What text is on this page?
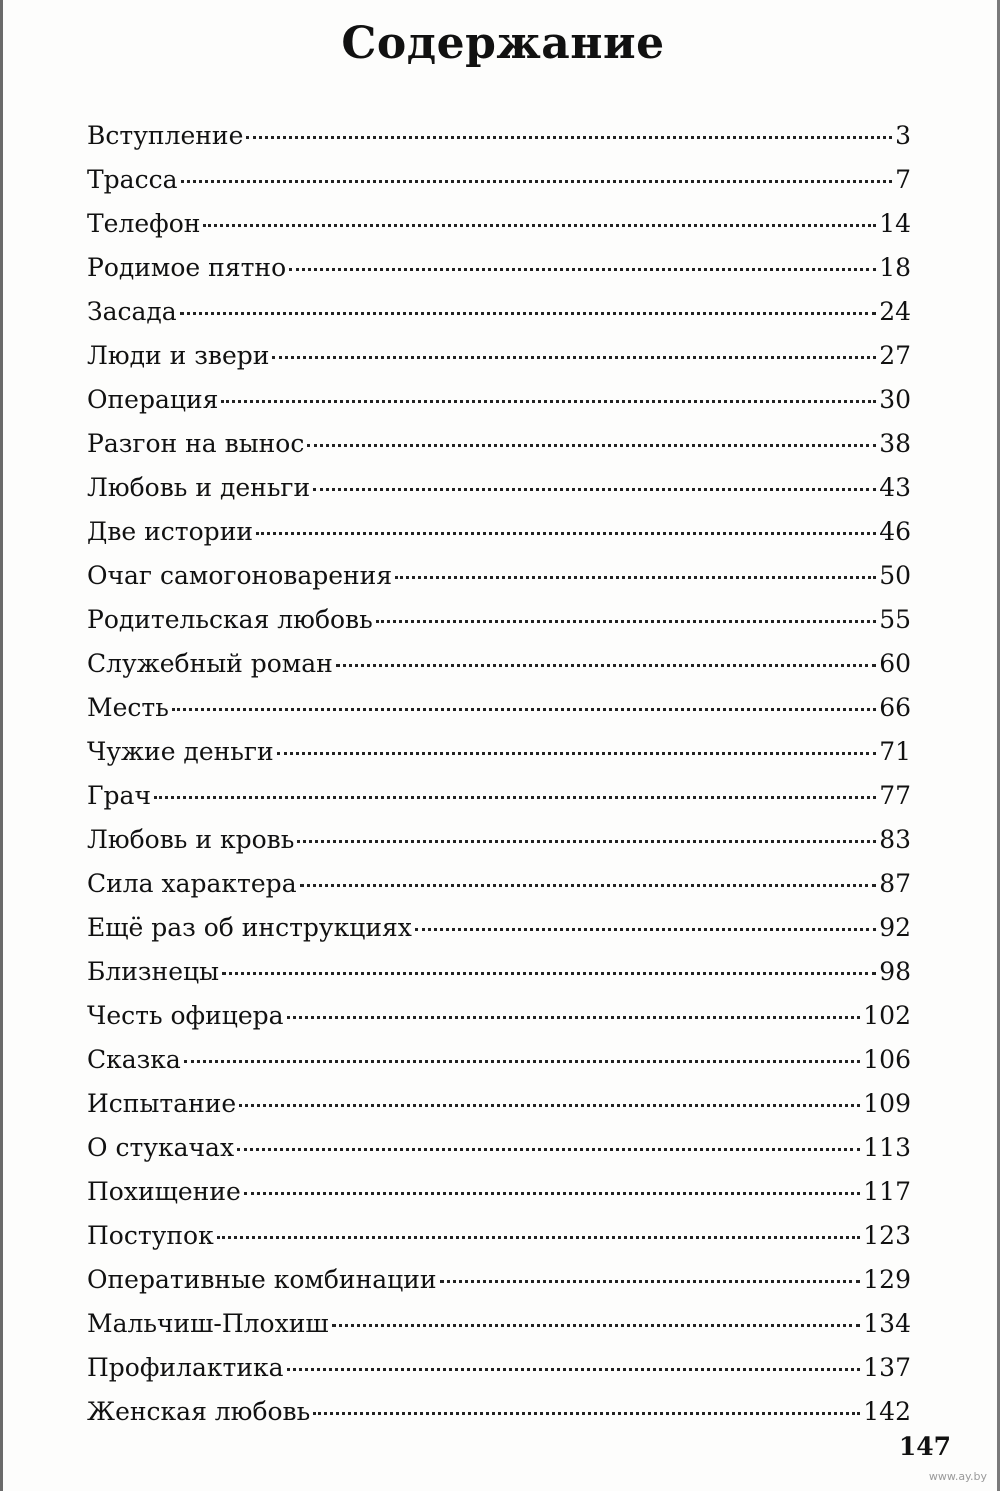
Содержание
Вступление	3
Трасса	7
Телефон	14
Родимое пятно	18
Засада	24
Люди и звери	27
Операция	30
Разгон на вынос	38
Любовь и деньги	43
Две истории	46
Очаг самогоноварения	50
Родительская любовь	55
Служебный роман	60
Месть	66
Чужие деньги	71
Грач	77
Любовь и кровь	83
Сила характера	87
Ещё раз об инструкциях	92
Близнецы	98
Честь офицера	102
Сказка	106
Испытание	109
О стукачах	113
Похищение	117
Поступок	123
Оперативные комбинации	129
Мальчиш-Плохиш	134
Профилактика	137
Женская любовь	142
147
www.ay.by
